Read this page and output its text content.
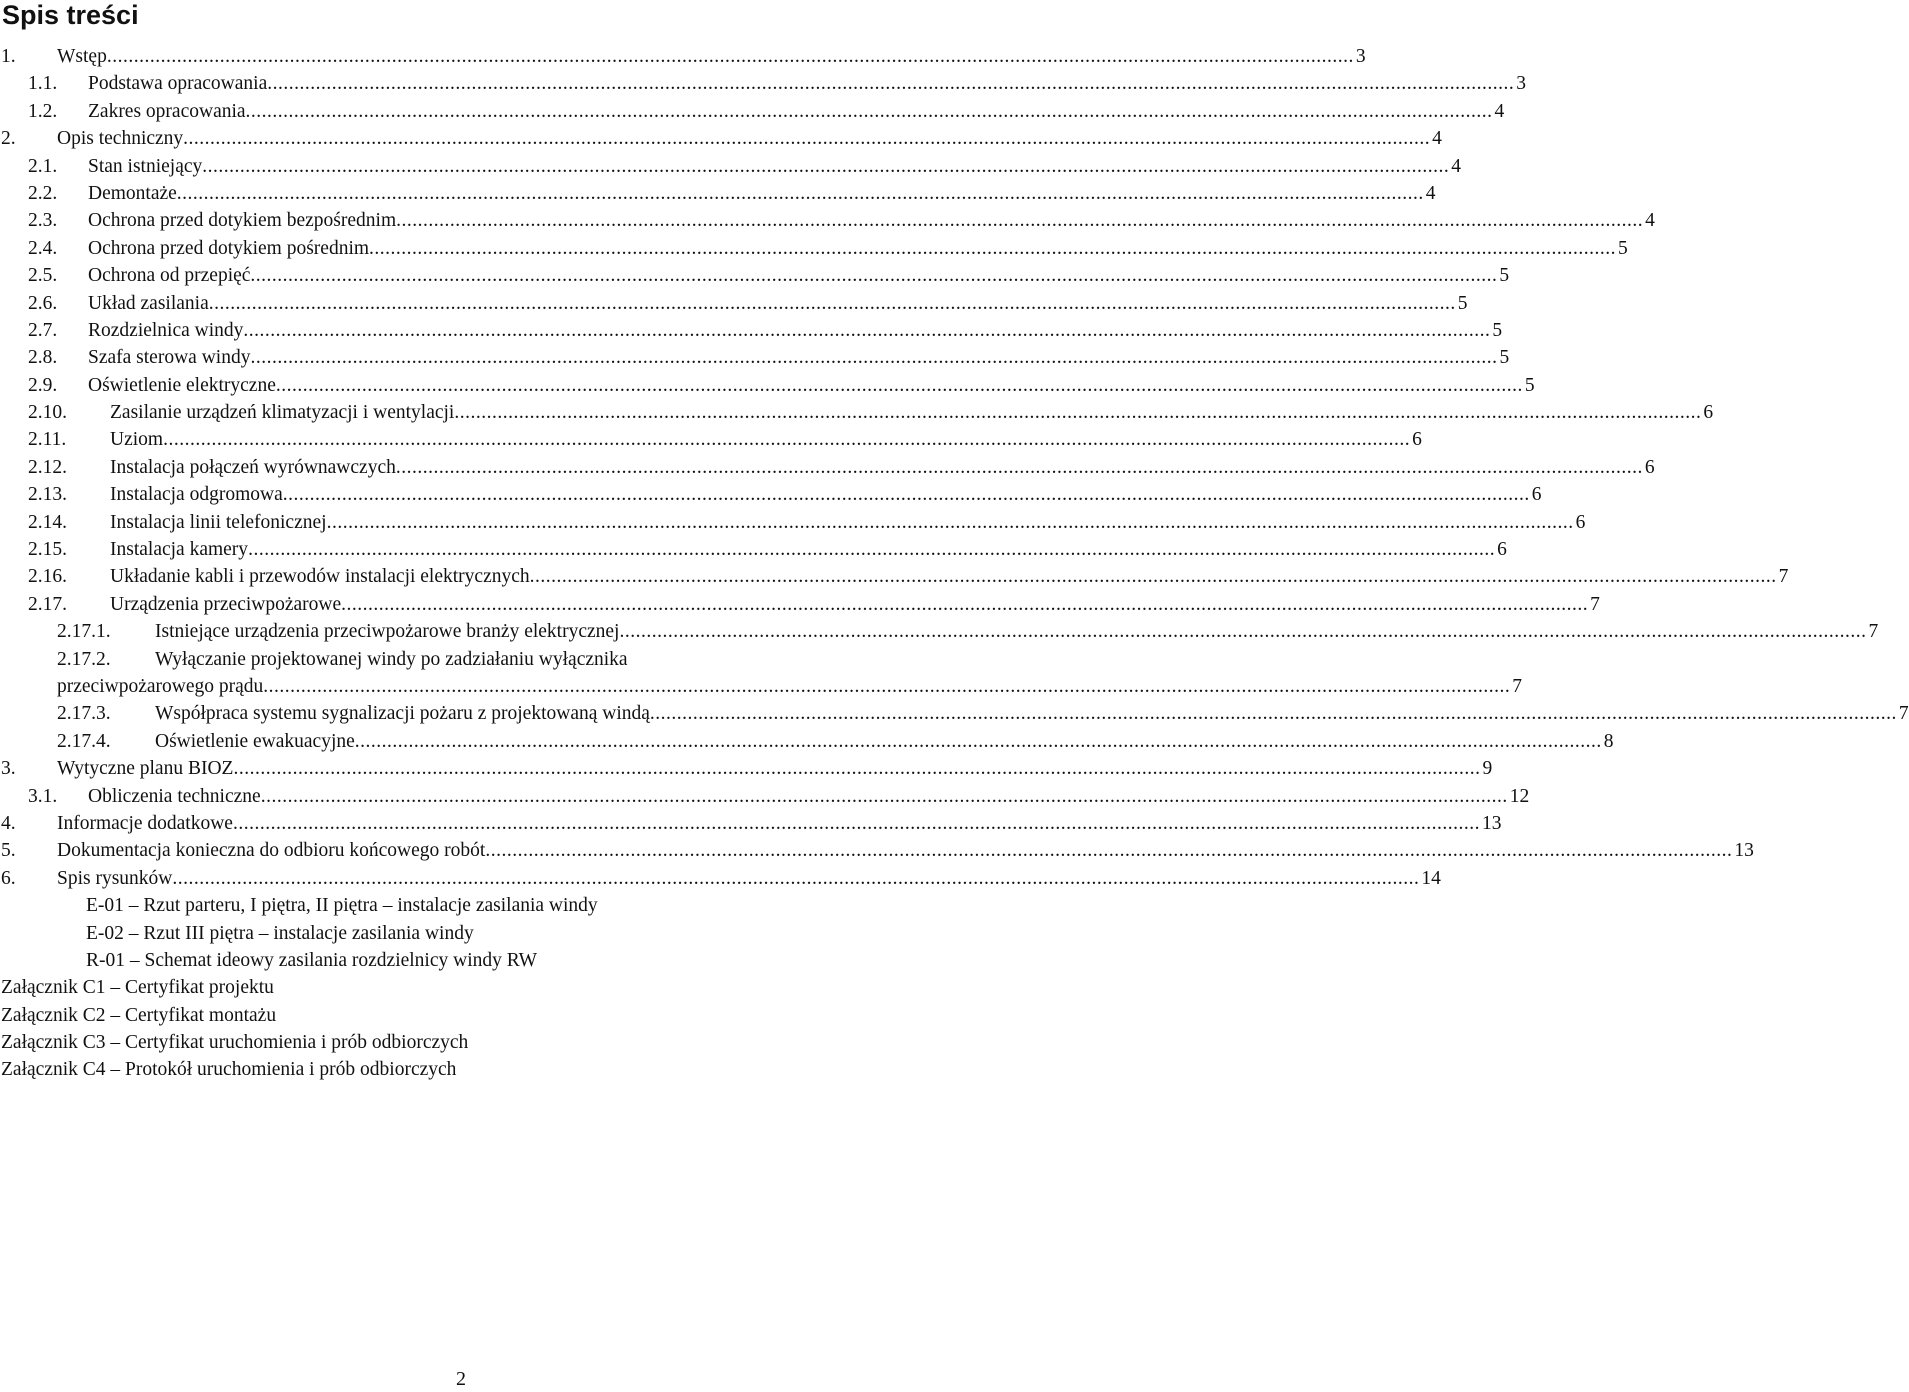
Spis treści
1. Wstęp .....	3
1.1. Podstawa opracowania .....	3
1.2. Zakres opracowania .....	4
2. Opis techniczny .....	4
2.1. Stan istniejący .....	4
2.2. Demontaże .....	4
2.3. Ochrona przed dotykiem bezpośrednim .....	4
2.4. Ochrona przed dotykiem pośrednim .....	5
2.5. Ochrona od przepięć .....	5
2.6. Układ zasilania .....	5
2.7. Rozdzielnica windy .....	5
2.8. Szafa sterowa windy .....	5
2.9. Oświetlenie elektryczne .....	5
2.10. Zasilanie urządzeń klimatyzacji i wentylacji .....	6
2.11. Uziom .....	6
2.12. Instalacja połączeń wyrównawczych .....	6
2.13. Instalacja odgromowa .....	6
2.14. Instalacja linii telefonicznej .....	6
2.15. Instalacja kamery .....	6
2.16. Układanie kabli i przewodów instalacji elektrycznych .....	7
2.17. Urządzenia przeciwpożarowe .....	7
2.17.1. Istniejące urządzenia przeciwpożarowe branży elektrycznej .....	7
2.17.2. Wyłączanie projektowanej windy po zadziałaniu wyłącznika
przeciwpożarowego prądu .....	7
2.17.3. Współpraca systemu sygnalizacji pożaru z projektowaną windą .....	7
2.17.4. Oświetlenie ewakuacyjne .....	8
3. Wytyczne planu BIOZ .....	9
3.1. Obliczenia techniczne .....	12
4. Informacje dodatkowe .....	13
5. Dokumentacja konieczna do odbioru końcowego robót .....	13
6. Spis rysunków .....	14
E-01 – Rzut parteru, I piętra, II piętra – instalacje zasilania windy
E-02 – Rzut III piętra – instalacje zasilania windy
R-01 – Schemat ideowy zasilania rozdzielnicy windy RW
Załącznik C1 – Certyfikat projektu
Załącznik C2 – Certyfikat montażu
Załącznik C3 – Certyfikat uruchomienia i prób odbiorczych
Załącznik C4 – Protokół uruchomienia i prób odbiorczych
2
